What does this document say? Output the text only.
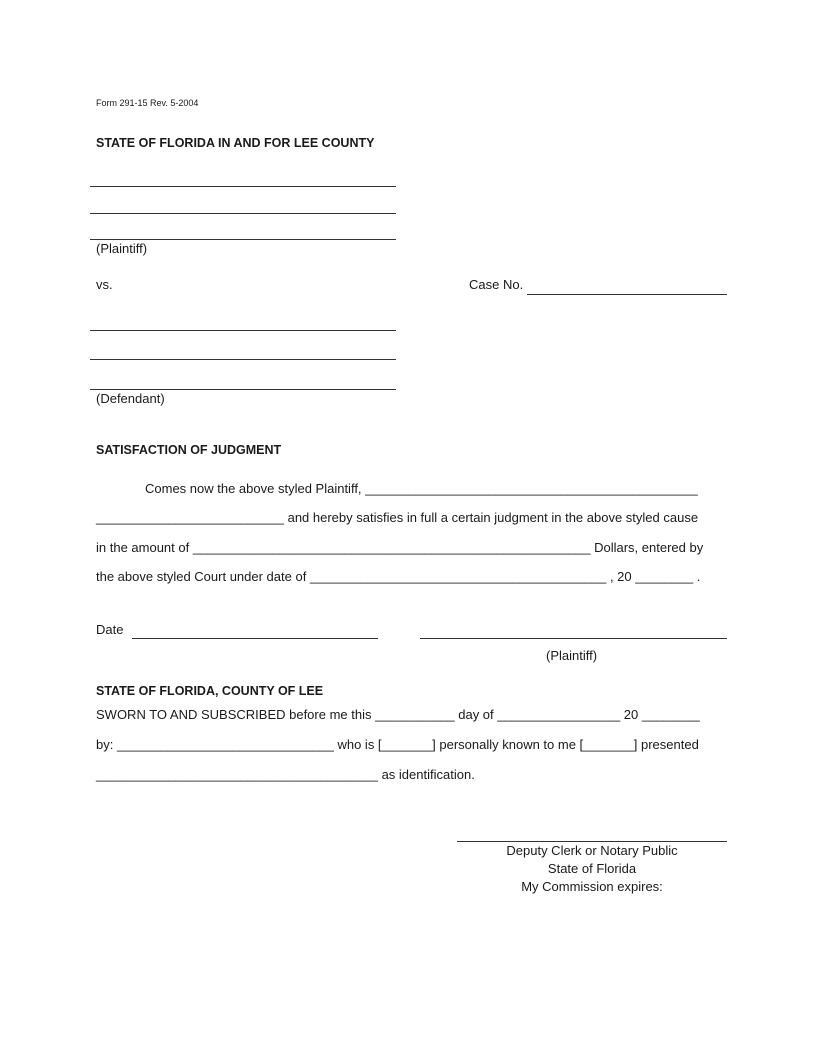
Form 291-15 Rev. 5-2004
STATE OF FLORIDA IN AND FOR LEE COUNTY
(Plaintiff)
vs.	Case No.
(Defendant)
SATISFACTION OF JUDGMENT
Comes now the above styled Plaintiff, ______________________________________________
__________________________ and hereby satisfies in full a certain judgment in the above styled cause
in the amount of _______________________________________________________ Dollars, entered by
the above styled Court under date of _________________________________________ , 20 ________ .
Date
(Plaintiff)
STATE OF FLORIDA, COUNTY OF LEE
SWORN TO AND SUBSCRIBED before me this ___________ day of _________________ 20 ________
by: ______________________________ who is [_______] personally known to me [_______] presented
_______________________________________ as identification.
Deputy Clerk or Notary Public
State of Florida
My Commission expires:
